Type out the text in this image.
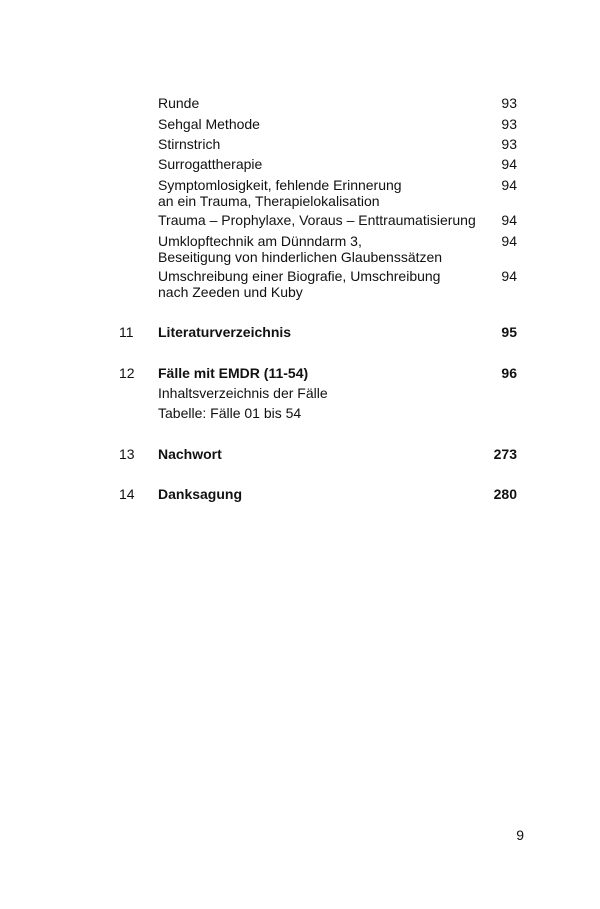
Runde	93
Sehgal Methode	93
Stirnstrich	93
Surrogattherapie	94
Symptomlosigkeit, fehlende Erinnerung	94
an ein Trauma, Therapielokalisation
Trauma – Prophylaxe, Voraus – Enttraumatisierung	94
Umklopftechnik am Dünndarm 3,	94
Beseitigung von hinderlichen Glaubenssätzen
Umschreibung einer Biografie, Umschreibung	94
nach Zeeden und Kuby
11 Literaturverzeichnis	95
12 Fälle mit EMDR (11-54)	96
Inhaltsverzeichnis der Fälle
Tabelle: Fälle 01 bis 54
13 Nachwort	273
14 Danksagung	280
9
